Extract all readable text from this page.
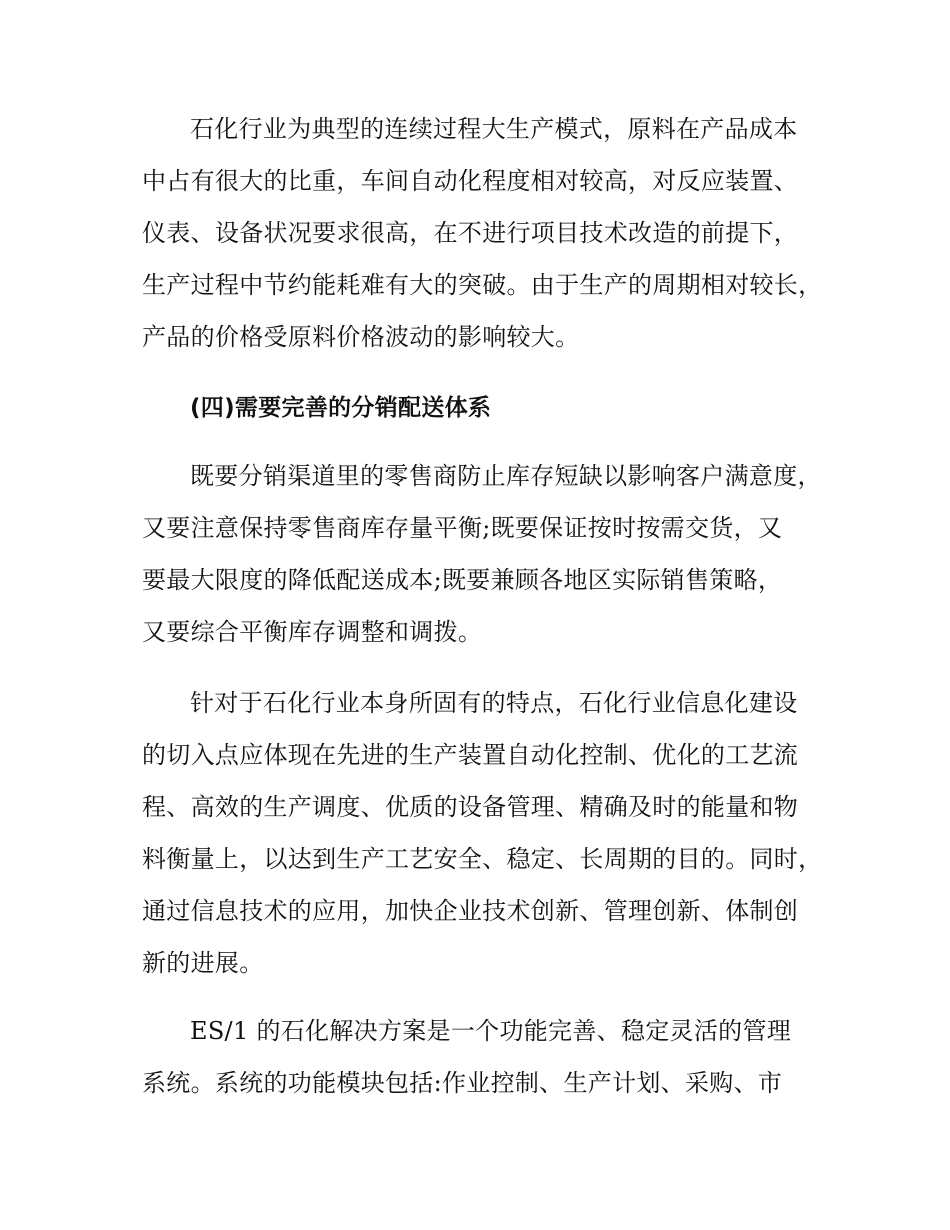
石化行业为典型的连续过程大生产模式，原料在产品成本
中占有很大的比重，车间自动化程度相对较高，对反应装置、
仪表、设备状况要求很高，在不进行项目技术改造的前提下，
生产过程中节约能耗难有大的突破。由于生产的周期相对较长，
产品的价格受原料价格波动的影响较大。
(四)需要完善的分销配送体系
既要分销渠道里的零售商防止库存短缺以影响客户满意度，
又要注意保持零售商库存量平衡;既要保证按时按需交货，又
要最大限度的降低配送成本;既要兼顾各地区实际销售策略，
又要综合平衡库存调整和调拨。
针对于石化行业本身所固有的特点，石化行业信息化建设
的切入点应体现在先进的生产装置自动化控制、优化的工艺流
程、高效的生产调度、优质的设备管理、精确及时的能量和物
料衡量上，以达到生产工艺安全、稳定、长周期的目的。同时，
通过信息技术的应用，加快企业技术创新、管理创新、体制创
新的进展。
ES/1 的石化解决方案是一个功能完善、稳定灵活的管理
系统。系统的功能模块包括:作业控制、生产计划、采购、市
